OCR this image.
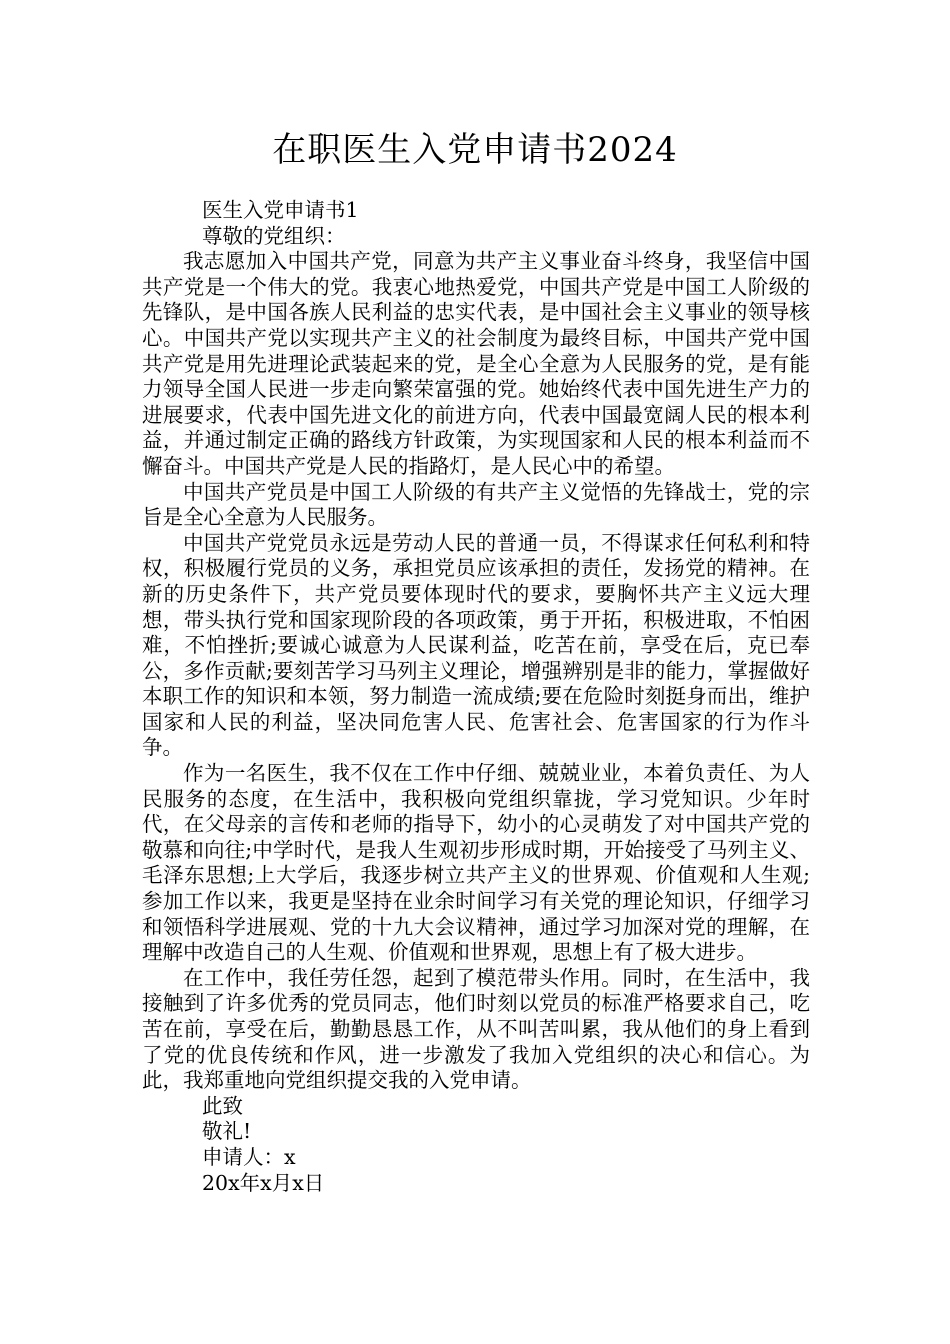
在职医生入党申请书2024

医生入党申请书1

尊敬的党组织：

我志愿加入中国共产党，同意为共产主义事业奋斗终身，我坚信中国共产党是一个伟大的党。我衷心地热爱党，中国共产党是中国工人阶级的先锋队，是中国各族人民利益的忠实代表，是中国社会主义事业的领导核心。中国共产党以实现共产主义的社会制度为最终目标，中国共产党中国共产党是用先进理论武装起来的党，是全心全意为人民服务的党，是有能力领导全国人民进一步走向繁荣富强的党。她始终代表中国先进生产力的进展要求，代表中国先进文化的前进方向，代表中国最宽阔人民的根本利益，并通过制定正确的路线方针政策，为实现国家和人民的根本利益而不懈奋斗。中国共产党是人民的指路灯，是人民心中的希望。

中国共产党员是中国工人阶级的有共产主义觉悟的先锋战士，党的宗旨是全心全意为人民服务。

中国共产党党员永远是劳动人民的普通一员，不得谋求任何私利和特权，积极履行党员的义务，承担党员应该承担的责任，发扬党的精神。在新的历史条件下，共产党员要体现时代的要求，要胸怀共产主义远大理想，带头执行党和国家现阶段的各项政策，勇于开拓，积极进取，不怕困难，不怕挫折;要诚心诚意为人民谋利益，吃苦在前，享受在后，克已奉公，多作贡献;要刻苦学习马列主义理论，增强辨别是非的能力，掌握做好本职工作的知识和本领，努力制造一流成绩;要在危险时刻挺身而出，维护国家和人民的利益，坚决同危害人民、危害社会、危害国家的行为作斗争。

作为一名医生，我不仅在工作中仔细、兢兢业业，本着负责任、为人民服务的态度，在生活中，我积极向党组织靠拢，学习党知识。少年时代，在父母亲的言传和老师的指导下，幼小的心灵萌发了对中国共产党的敬慕和向往;中学时代，是我人生观初步形成时期，开始接受了马列主义、毛泽东思想;上大学后，我逐步树立共产主义的世界观、价值观和人生观;参加工作以来，我更是坚持在业余时间学习有关党的理论知识，仔细学习和领悟科学进展观、党的十九大会议精神，通过学习加深对党的理解，在理解中改造自己的人生观、价值观和世界观，思想上有了极大进步。

在工作中，我任劳任怨，起到了模范带头作用。同时，在生活中，我接触到了许多优秀的党员同志，他们时刻以党员的标准严格要求自己，吃苦在前，享受在后，勤勤恳恳工作，从不叫苦叫累，我从他们的身上看到了党的优良传统和作风，进一步激发了我加入党组织的决心和信心。为此，我郑重地向党组织提交我的入党申请。

此致

敬礼!

申请人：x

20x年x月x日
